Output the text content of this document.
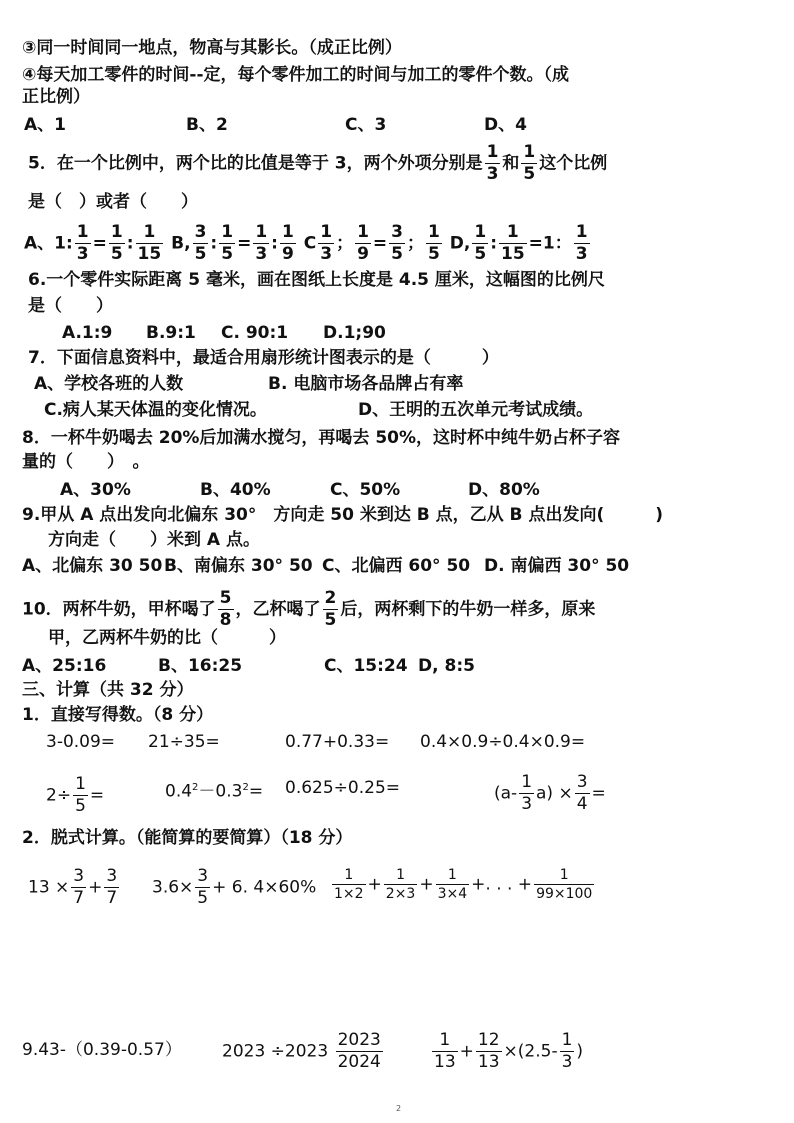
③同一时间同一地点，物高与其影长。（成正比例）
④每天加工零件的时间--定，每个零件加工的时间与加工的零件个数。（成
正比例）
A、1	B、2	C、3	D、4
5．在一个比例中，两个比的比值是等于 3，两个外项分别是 $\frac{1}{3}$ 和 $\frac{1}{5}$ 这个比例
是（　）或者（　　）
A、1: $\frac{1}{3} = \frac{1}{5}$ : $\frac{1}{15} B$, $\frac{3}{5}$ : $\frac{1}{5} = \frac{1}{3}$ : $\frac{1}{9}$ C $\frac{1}{3}$ ； $\frac{1}{9} = \frac{3}{5}$ ； $\frac{1}{5} D$, $\frac{1}{5}$ : $\frac{1}{15} =1$： $\frac{1}{3}$
6.一个零件实际距离 5 毫米，画在图纸上长度是 4.5 厘米，这幅图的比例尺
是（　　）
A.1:9 B.9:1 C. 90:1 D.1;90
7．下面信息资料中，最适合用扇形统计图表示的是（　　　）
A、学校各班的人数	B. 电脑市场各品牌占有率
C.病人某天体温的变化情况。	D、王明的五次单元考试成绩。
8．一杯牛奶喝去 20%后加满水搅匀，再喝去 50%，这时杯中纯牛奶占杯子容
量的（　　）　。
A、30%	B、40%	C、50%	D、80%
9.甲从 A 点出发向北偏东 30°　方向走 50 米到达 B 点，乙从 B 点出发向(　　　)
方向走（　　）米到 A 点。
A、北偏东 30 50 B、南偏东 30° 50 C、北偏西 60° 50 D. 南偏西 30° 50
10．两杯牛奶，甲杯喝了 $\frac{5}{8}$ ，乙杯喝了 $\frac{2}{5}$ 后，两杯剩下的牛奶一样多，原来
甲，乙两杯牛奶的比（　　　）
A、25:16	B、16:25	C、15:24 D, 8:5
三、计算（共 32 分）
1．直接写得数。（8 分）
3-0.09= 21÷35=	0.77+0.33= 0.4×0.9÷0.4×0.9=
$2\div \frac{1}{5}$ =	$0.4^2-0.3^2= 0.625\div 0.25=$	$(a- \frac{1}{3} a) \times \frac{3}{4}$ =
2．脱式计算。（能简算的要简算）（18 分）
$13 \times \frac{3}{7} + \frac{3}{7} 3.6\times \frac{3}{5} + 6$. $4\times 60\% \frac{1}{1\times 2} + \frac{1}{2\times 3} + \frac{1}{3\times 4}$ +. . . + $\frac{1}{99\times 100}$
9.43-（0.39-0.57） $2023 \div 2023 \frac{2023}{2024}$	$\frac{1}{13} + \frac{12}{13} \times(2.5- \frac{1}{3}$ )
2
